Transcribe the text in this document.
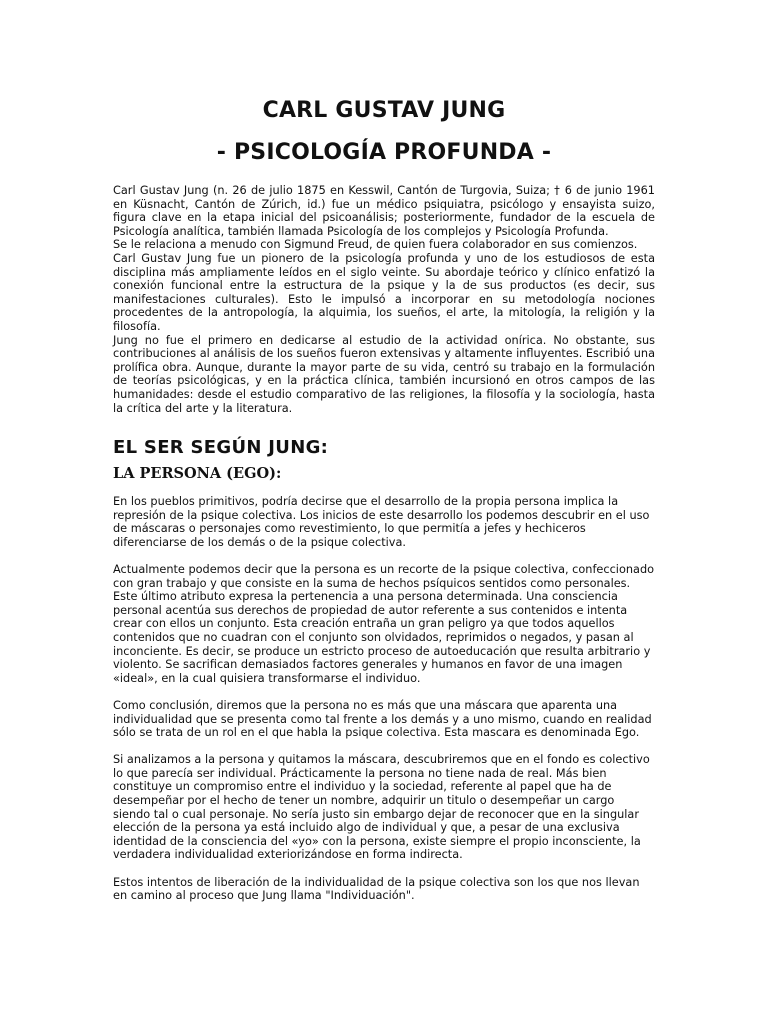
CARL GUSTAV JUNG
- PSICOLOGÍA PROFUNDA -

Carl Gustav Jung (n. 26 de julio 1875 en Kesswil, Cantón de Turgovia, Suiza; † 6 de junio 1961 en Küsnacht, Cantón de Zúrich, id.) fue un médico psiquiatra, psicólogo y ensayista suizo, figura clave en la etapa inicial del psicoanálisis; posteriormente, fundador de la escuela de Psicología analítica, también llamada Psicología de los complejos y Psicología Profunda.

Se le relaciona a menudo con Sigmund Freud, de quien fuera colaborador en sus comienzos.

Carl Gustav Jung fue un pionero de la psicología profunda y uno de los estudiosos de esta disciplina más ampliamente leídos en el siglo veinte. Su abordaje teórico y clínico enfatizó la conexión funcional entre la estructura de la psique y la de sus productos (es decir, sus manifestaciones culturales). Esto le impulsó a incorporar en su metodología nociones procedentes de la antropología, la alquimia, los sueños, el arte, la mitología, la religión y la filosofía.

Jung no fue el primero en dedicarse al estudio de la actividad onírica. No obstante, sus contribuciones al análisis de los sueños fueron extensivas y altamente influyentes. Escribió una prolífica obra. Aunque, durante la mayor parte de su vida, centró su trabajo en la formulación de teorías psicológicas, y en la práctica clínica, también incursionó en otros campos de las humanidades: desde el estudio comparativo de las religiones, la filosofía y la sociología, hasta la crítica del arte y la literatura.

EL SER SEGÚN JUNG:
LA PERSONA (EGO):

En los pueblos primitivos, podría decirse que el desarrollo de la propia persona implica la represión de la psique colectiva. Los inicios de este desarrollo los podemos descubrir en el uso de máscaras o personajes como revestimiento, lo que permitía a jefes y hechiceros diferenciarse de los demás o de la psique colectiva.

Actualmente podemos decir que la persona es un recorte de la psique colectiva, confeccionado con gran trabajo y que consiste en la suma de hechos psíquicos sentidos como personales. Este último atributo expresa la pertenencia a una persona determinada. Una consciencia personal acentúa sus derechos de propiedad de autor referente a sus contenidos e intenta crear con ellos un conjunto. Esta creación entraña un gran peligro ya que todos aquellos contenidos que no cuadran con el conjunto son olvidados, reprimidos o negados, y pasan al inconciente. Es decir, se produce un estricto proceso de autoeducación que resulta arbitrario y violento. Se sacrifican demasiados factores generales y humanos en favor de una imagen «ideal», en la cual quisiera transformarse el individuo.

Como conclusión, diremos que la persona no es más que una máscara que aparenta una individualidad que se presenta como tal frente a los demás y a uno mismo, cuando en realidad sólo se trata de un rol en el que habla la psique colectiva. Esta mascara es denominada Ego.

Si analizamos a la persona y quitamos la máscara, descubriremos que en el fondo es colectivo lo que parecía ser individual. Prácticamente la persona no tiene nada de real. Más bien constituye un compromiso entre el individuo y la sociedad, referente al papel que ha de desempeñar por el hecho de tener un nombre, adquirir un titulo o desempeñar un cargo siendo tal o cual personaje. No sería justo sin embargo dejar de reconocer que en la singular elección de la persona ya está incluido algo de individual y que, a pesar de una exclusiva identidad de la consciencia del «yo» con la persona, existe siempre el propio inconsciente, la verdadera individualidad exteriorizándose en forma indirecta.

Estos intentos de liberación de la individualidad de la psique colectiva son los que nos llevan en camino al proceso que Jung llama "Individuación".
